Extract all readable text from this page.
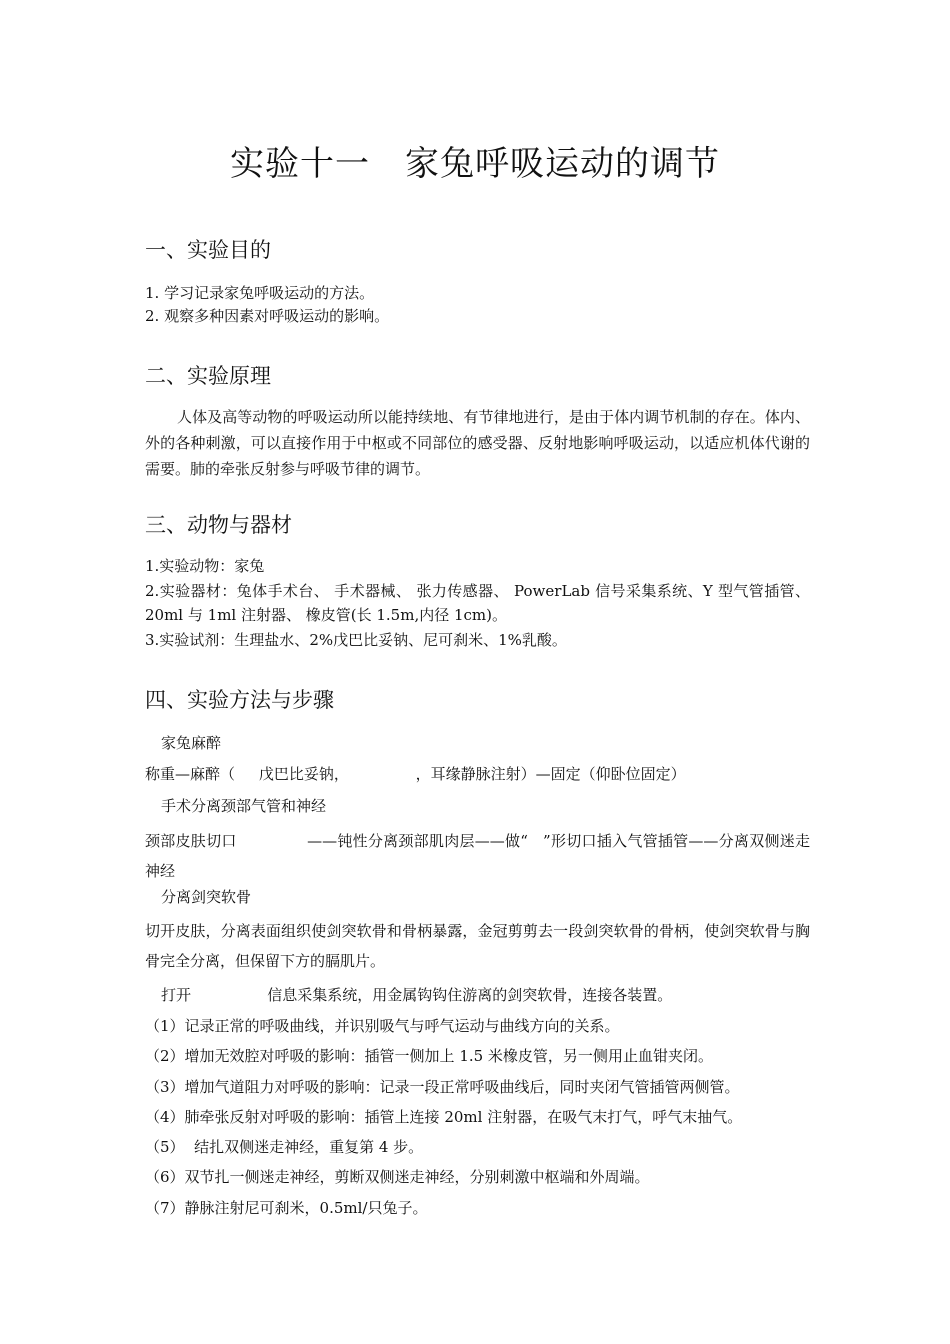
实验十一　家兔呼吸运动的调节
一、实验目的
1. 学习记录家兔呼吸运动的方法。
2. 观察多种因素对呼吸运动的影响。
二、实验原理
人体及高等动物的呼吸运动所以能持续地、有节律地进行，是由于体内调节机制的存在。体内、外的各种刺激，可以直接作用于中枢或不同部位的感受器、反射地影响呼吸运动，以适应机体代谢的需要。肺的牵张反射参与呼吸节律的调节。
三、动物与器材
1.实验动物：家兔
2.实验器材：兔体手术台、 手术器械、 张力传感器、 PowerLab 信号采集系统、Y 型气管插管、 20ml 与 1ml 注射器、 橡皮管(长 1.5m,内径 1cm)。
3.实验试剂：生理盐水、2%戊巴比妥钠、尼可刹米、1%乳酸。
四、实验方法与步骤
家兔麻醉
称重—麻醉（     戊巴比妥钠，              ，耳缘静脉注射）—固定（仰卧位固定）
手术分离颈部气管和神经
颈部皮肤切口              ——钝性分离颈部肌肉层——做“   ”形切口插入气管插管——分离双侧迷走神经
分离剑突软骨
切开皮肤，分离表面组织使剑突软骨和骨柄暴露，金冠剪剪去一段剑突软骨的骨柄，使剑突软骨与胸骨完全分离，但保留下方的膈肌片。
打开                信息采集系统，用金属钩钩住游离的剑突软骨，连接各装置。
（1）记录正常的呼吸曲线，并识别吸气与呼气运动与曲线方向的关系。
（2）增加无效腔对呼吸的影响：插管一侧加上 1.5 米橡皮管，另一侧用止血钳夹闭。
（3）增加气道阻力对呼吸的影响：记录一段正常呼吸曲线后，同时夹闭气管插管两侧管。
（4）肺牵张反射对呼吸的影响：插管上连接 20ml 注射器，在吸气末打气，呼气末抽气。
（5）  结扎双侧迷走神经，重复第 4 步。
（6）双节扎一侧迷走神经，剪断双侧迷走神经，分别刺激中枢端和外周端。
（7）静脉注射尼可刹米，0.5ml/只兔子。
